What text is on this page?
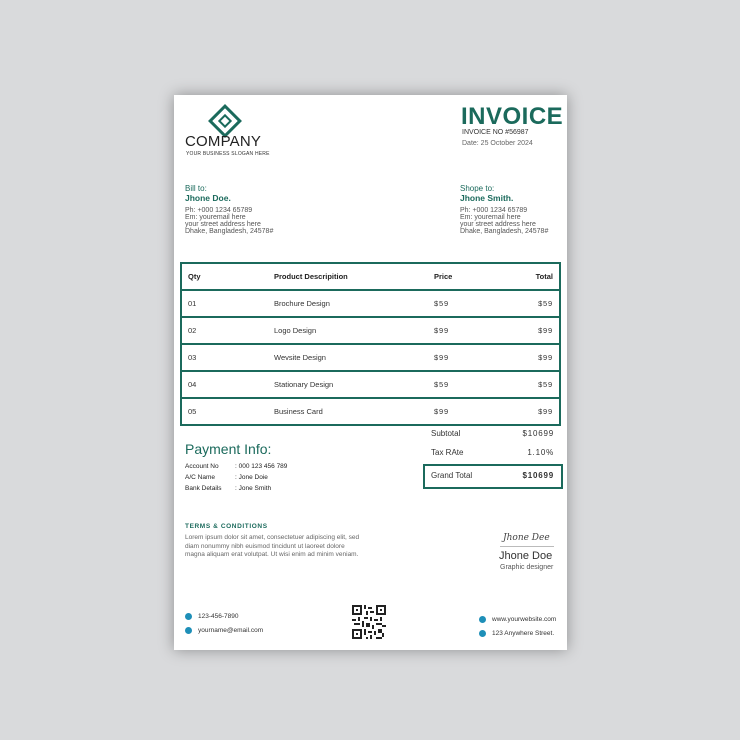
COMPANY
YOUR BUSINESS SLOGAN HERE
INVOICE
INVOICE NO #56987
Date: 25 October 2024
Bill to:
Jhone Doe.
Ph: +000 1234 65789
Em: youremail here
your street address here
Dhake, Bangladesh, 24578#
Shope to:
Jhone Smith.
Ph: +000 1234 65789
Em: youremail here
your street address here
Dhake, Bangladesh, 24578#
Qty	Product Descripition	Price	Total
01	Brochure Design	$59	$59
02	Logo Design	$99	$99
03	Wevsite Design	$99	$99
04	Stationary Design	$59	$59
05	Business Card	$99	$99
Subtotal	$10699
Tax RAte	1.10%
Grand Total	$10699
Payment Info:
Account No	: 000 123 456 789
A/C Name	: Jone Doie
Bank Details : Jone Smith
TERMS & CONDITIONS
Lorem ipsum dolor sit amet, consectetuer adipiscing elit, sed diam nonummy nibh euismod tincidunt ut laoreet dolore magna aliquam erat volutpat. Ut wisi enim ad minim veniam.
Jhone Dee
Jhone Doe
Graphic designer
123-456-7890
yourname@email.com
www.yourwebsite.com
123 Anywhere Street.
